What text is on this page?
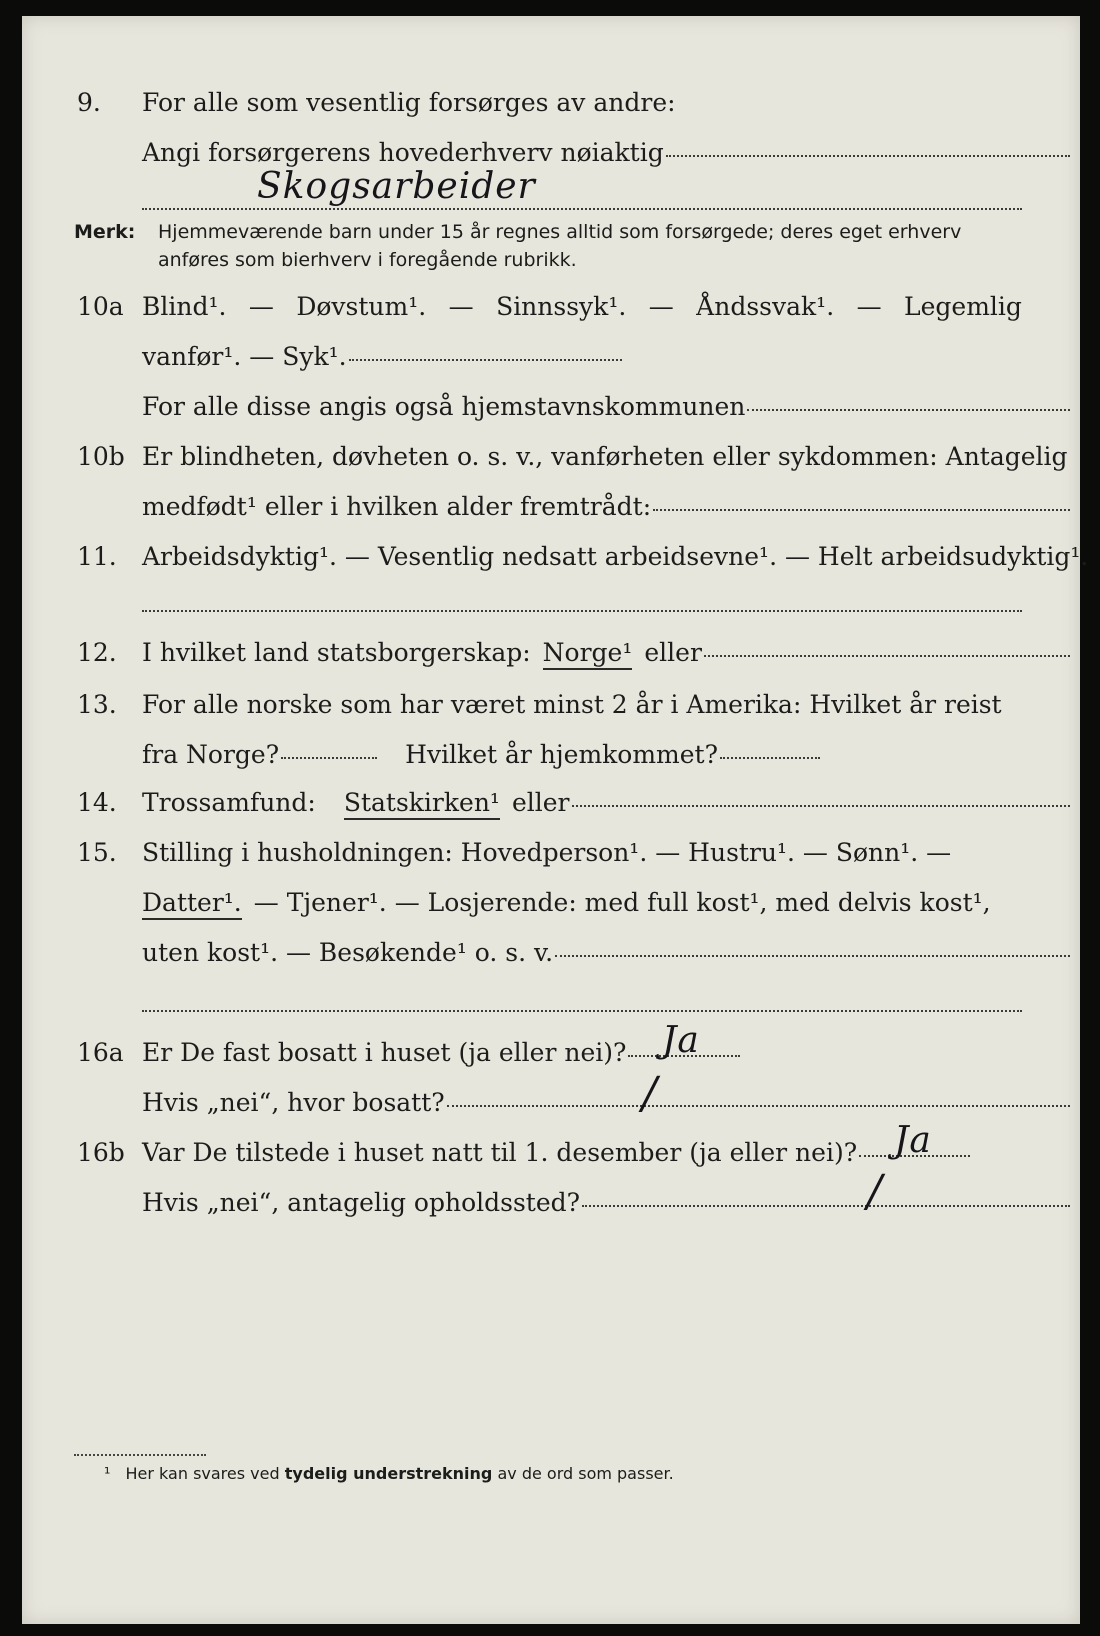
9. For alle som vesentlig forsørges av andre:
Angi forsørgerens hovederhverv nøiaktig
Skogsarbeider
Merk: Hjemmeværende barn under 15 år regnes alltid som forsørgede; deres eget erhverv
anføres som bierhverv i foregående rubrikk.
10a Blind¹. — Døvstum¹. — Sinnssyk¹. — Åndssvak¹. — Legemlig
vanfør¹. — Syk¹.
For alle disse angis også hjemstavnskommunen
10b Er blindheten, døvheten o. s. v., vanførheten eller sykdommen: Antagelig
medfødt¹ eller i hvilken alder fremtrådt:
11. Arbeidsdyktig¹. — Vesentlig nedsatt arbeidsevne¹. — Helt arbeidsudyktig¹.
12. I hvilket land statsborgerskap: Norge¹ eller
13. For alle norske som har været minst 2 år i Amerika: Hvilket år reist
fra Norge?	Hvilket år hjemkommet?
14. Trossamfund: Statskirken¹ eller
15. Stilling i husholdningen: Hovedperson¹. — Hustru¹. — Sønn¹. —
Datter¹. — Tjener¹. — Losjerende: med full kost¹, med delvis kost¹,
uten kost¹. — Besøkende¹ o. s. v.
16a Er De fast bosatt i huset (ja eller nei)? Ja
Hvis „nei“, hvor bosatt?	/
16b Var De tilstede i huset natt til 1. desember (ja eller nei)? Ja
Hvis „nei“, antagelig opholdssted?	/
¹ Her kan svares ved tydelig understrekning av de ord som passer.
